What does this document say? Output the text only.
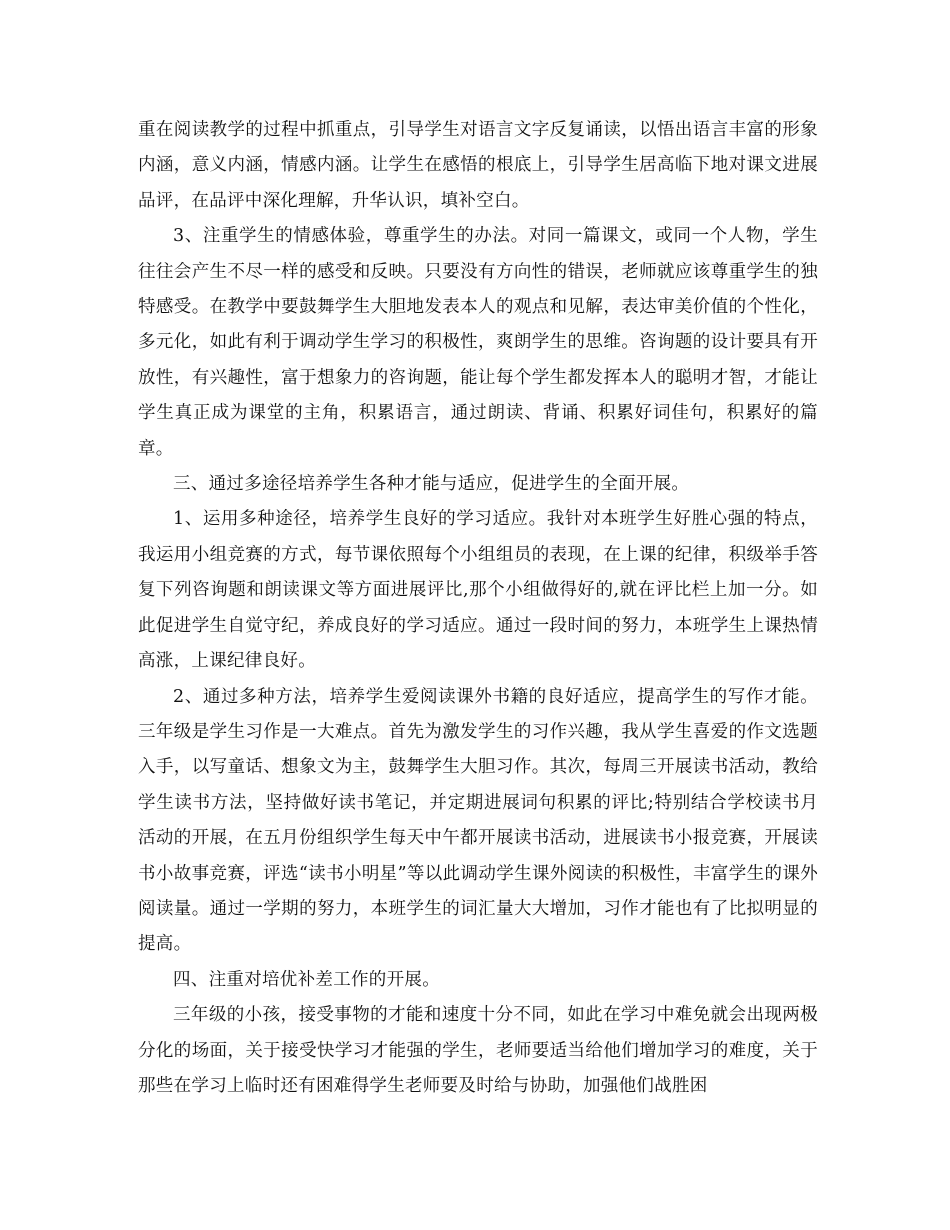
重在阅读教学的过程中抓重点，引导学生对语言文字反复诵读，以悟出语言丰富的形象内涵，意义内涵，情感内涵。让学生在感悟的根底上，引导学生居高临下地对课文进展品评，在品评中深化理解，升华认识，填补空白。

3、注重学生的情感体验，尊重学生的办法。对同一篇课文，或同一个人物，学生往往会产生不尽一样的感受和反映。只要没有方向性的错误，老师就应该尊重学生的独特感受。在教学中要鼓舞学生大胆地发表本人的观点和见解，表达审美价值的个性化，多元化，如此有利于调动学生学习的积极性，爽朗学生的思维。咨询题的设计要具有开放性，有兴趣性，富于想象力的咨询题，能让每个学生都发挥本人的聪明才智，才能让学生真正成为课堂的主角，积累语言，通过朗读、背诵、积累好词佳句，积累好的篇章。

三、通过多途径培养学生各种才能与适应，促进学生的全面开展。

1、运用多种途径，培养学生良好的学习适应。我针对本班学生好胜心强的特点，我运用小组竞赛的方式，每节课依照每个小组组员的表现，在上课的纪律，积级举手答复下列咨询题和朗读课文等方面进展评比,那个小组做得好的,就在评比栏上加一分。如此促进学生自觉守纪，养成良好的学习适应。通过一段时间的努力，本班学生上课热情高涨，上课纪律良好。

2、通过多种方法，培养学生爱阅读课外书籍的良好适应，提高学生的写作才能。三年级是学生习作是一大难点。首先为激发学生的习作兴趣，我从学生喜爱的作文选题入手，以写童话、想象文为主，鼓舞学生大胆习作。其次，每周三开展读书活动，教给学生读书方法，坚持做好读书笔记，并定期进展词句积累的评比;特别结合学校读书月活动的开展，在五月份组织学生每天中午都开展读书活动，进展读书小报竞赛，开展读书小故事竞赛，评选“读书小明星”等以此调动学生课外阅读的积极性，丰富学生的课外阅读量。通过一学期的努力，本班学生的词汇量大大增加，习作才能也有了比拟明显的提高。

四、注重对培优补差工作的开展。

三年级的小孩，接受事物的才能和速度十分不同，如此在学习中难免就会出现两极分化的场面，关于接受快学习才能强的学生，老师要适当给他们增加学习的难度，关于那些在学习上临时还有困难得学生老师要及时给与协助，加强他们战胜困
